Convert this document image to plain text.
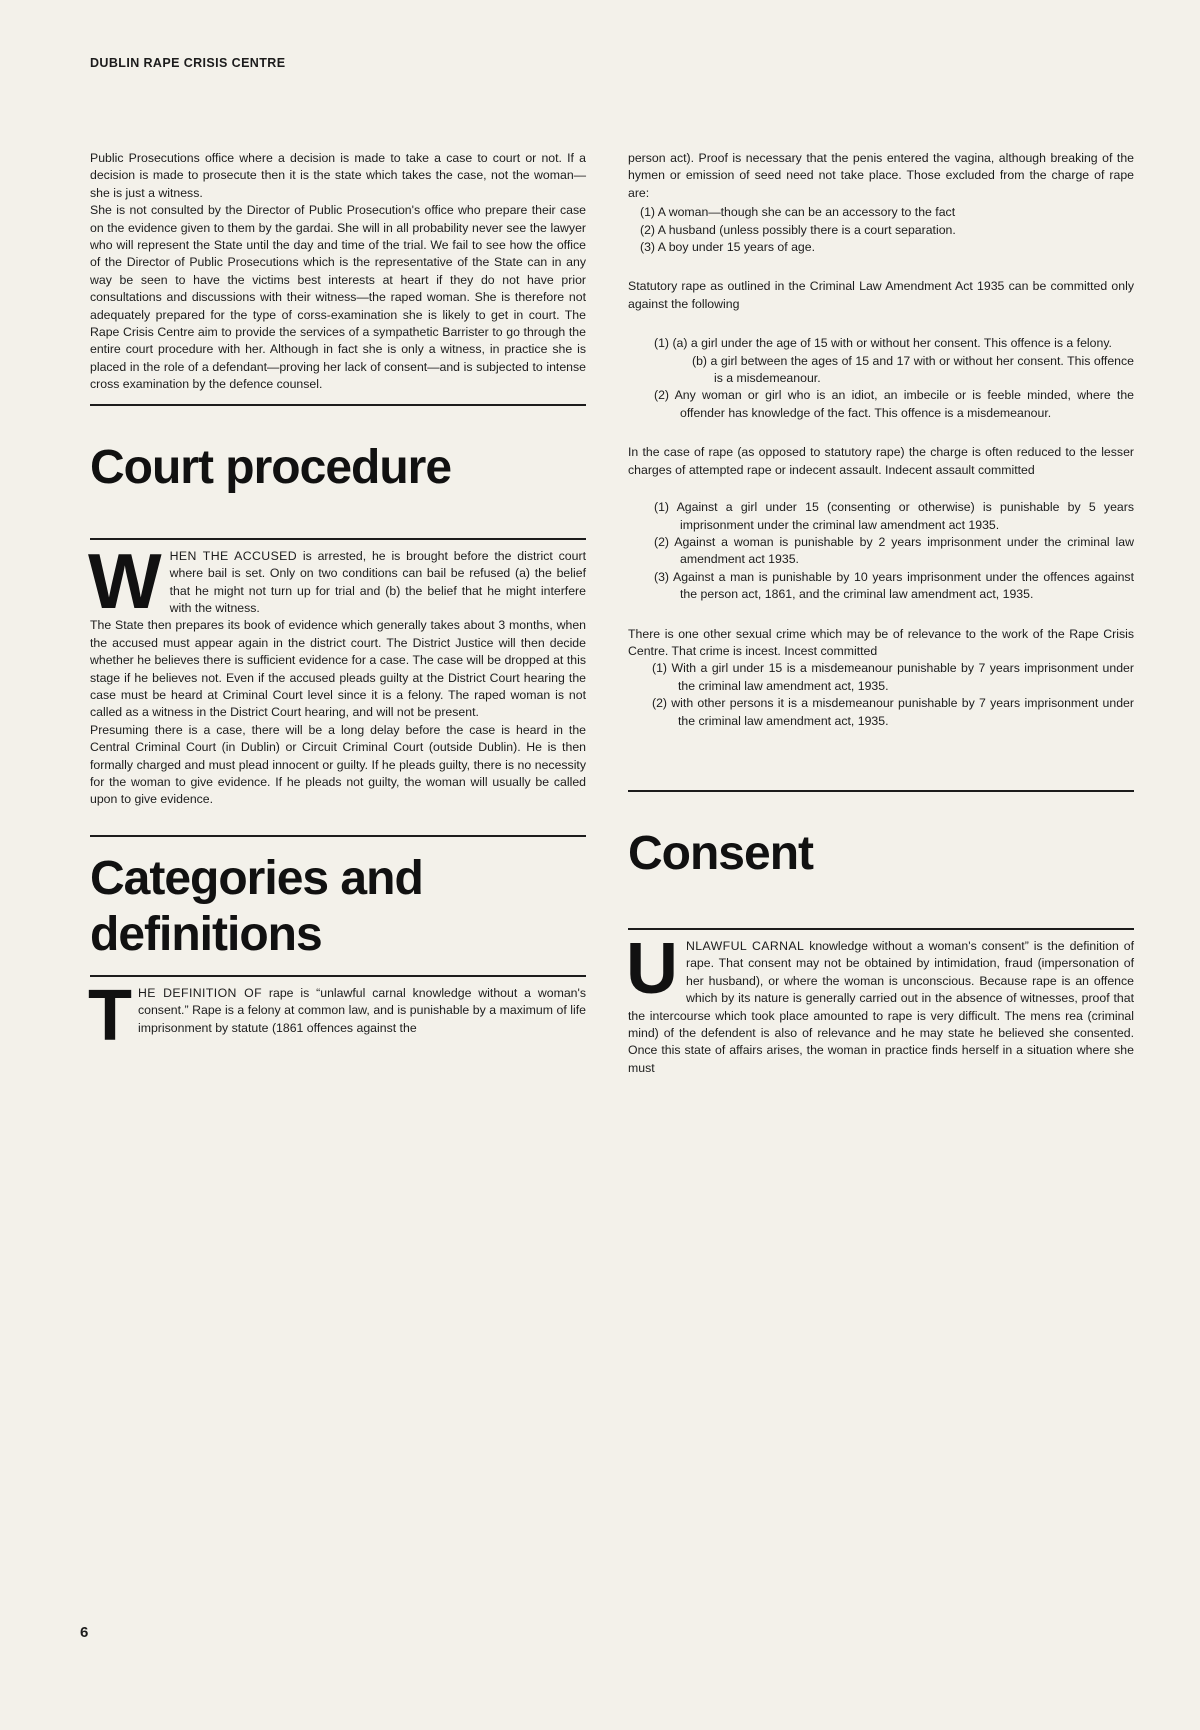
DUBLIN RAPE CRISIS CENTRE

Public Prosecutions office where a decision is made to take a case to court or not. If a decision is made to prosecute then it is the state which takes the case, not the woman—she is just a witness.

She is not consulted by the Director of Public Prosecution's office who prepare their case on the evidence given to them by the gardai. She will in all probability never see the lawyer who will represent the State until the day and time of the trial. We fail to see how the office of the Director of Public Prosecutions which is the representative of the State can in any way be seen to have the victims best interests at heart if they do not have prior consultations and discussions with their witness—the raped woman. She is therefore not adequately prepared for the type of corss-examination she is likely to get in court. The Rape Crisis Centre aim to provide the services of a sympathetic Barrister to go through the entire court procedure with her. Although in fact she is only a witness, in practice she is placed in the role of a defendant—proving her lack of consent—and is subjected to intense cross examination by the defence counsel.

Court procedure

WHEN THE ACCUSED is arrested, he is brought before the district court where bail is set. Only on two conditions can bail be refused (a) the belief that he might not turn up for trial and (b) the belief that he might interfere with the witness.

The State then prepares its book of evidence which generally takes about 3 months, when the accused must appear again in the district court. The District Justice will then decide whether he believes there is sufficient evidence for a case. The case will be dropped at this stage if he believes not. Even if the accused pleads guilty at the District Court hearing the case must be heard at Criminal Court level since it is a felony. The raped woman is not called as a witness in the District Court hearing, and will not be present.

Presuming there is a case, there will be a long delay before the case is heard in the Central Criminal Court (in Dublin) or Circuit Criminal Court (outside Dublin). He is then formally charged and must plead innocent or guilty. If he pleads guilty, there is no necessity for the woman to give evidence. If he pleads not guilty, the woman will usually be called upon to give evidence.

Categories and
definitions

THE DEFINITION OF rape is “unlawful carnal knowledge without a woman's consent.” Rape is a felony at common law, and is punishable by a maximum of life imprisonment by statute (1861 offences against the

person act). Proof is necessary that the penis entered the vagina, although breaking of the hymen or emission of seed need not take place. Those excluded from the charge of rape are:

(1) A woman—though she can be an accessory to the fact
(2) A husband (unless possibly there is a court separation.
(3) A boy under 15 years of age.

Statutory rape as outlined in the Criminal Law Amendment Act 1935 can be committed only against the following

(1) (a) a girl under the age of 15 with or without her consent. This offence is a felony.
(b) a girl between the ages of 15 and 17 with or without her consent. This offence is a misdemeanour.
(2) Any woman or girl who is an idiot, an imbecile or is feeble minded, where the offender has knowledge of the fact. This offence is a misdemeanour.

In the case of rape (as opposed to statutory rape) the charge is often reduced to the lesser charges of attempted rape or indecent assault. Indecent assault committed

(1) Against a girl under 15 (consenting or otherwise) is punishable by 5 years imprisonment under the criminal law amendment act 1935.
(2) Against a woman is punishable by 2 years imprisonment under the criminal law amendment act 1935.
(3) Against a man is punishable by 10 years imprisonment under the offences against the person act, 1861, and the criminal law amendment act, 1935.

There is one other sexual crime which may be of relevance to the work of the Rape Crisis Centre. That crime is incest. Incest committed

(1) With a girl under 15 is a misdemeanour punishable by 7 years imprisonment under the criminal law amendment act, 1935.
(2) with other persons it is a misdemeanour punishable by 7 years imprisonment under the criminal law amendment act, 1935.
Consent

UNLAWFUL CARNAL knowledge without a woman's consent” is the definition of rape. That consent may not be obtained by intimidation, fraud (impersonation of her husband), or where the woman is unconscious. Because rape is an offence which by its nature is generally carried out in the absence of witnesses, proof that the intercourse which took place amounted to rape is very difficult. The mens rea (criminal mind) of the defendent is also of relevance and he may state he believed she consented. Once this state of affairs arises, the woman in practice finds herself in a situation where she must

6
